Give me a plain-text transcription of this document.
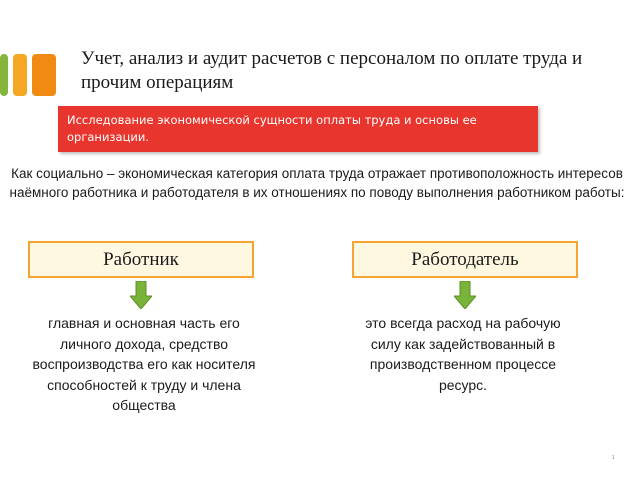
Учет, анализ и аудит расчетов с персоналом по оплате труда и прочим операциям
Исследование экономической сущности оплаты труда и основы ее организации.
Как социально – экономическая категория оплата труда отражает противоположность интересов наёмного работника и работодателя в их отношениях по поводу выполнения работником работы:
Работник	Работодатель
главная и основная часть его личного дохода, средство воспроизводства его как носителя способностей к труду и члена общества
это всегда расход на рабочую силу как задействованный в производственном процессе ресурс.
1
